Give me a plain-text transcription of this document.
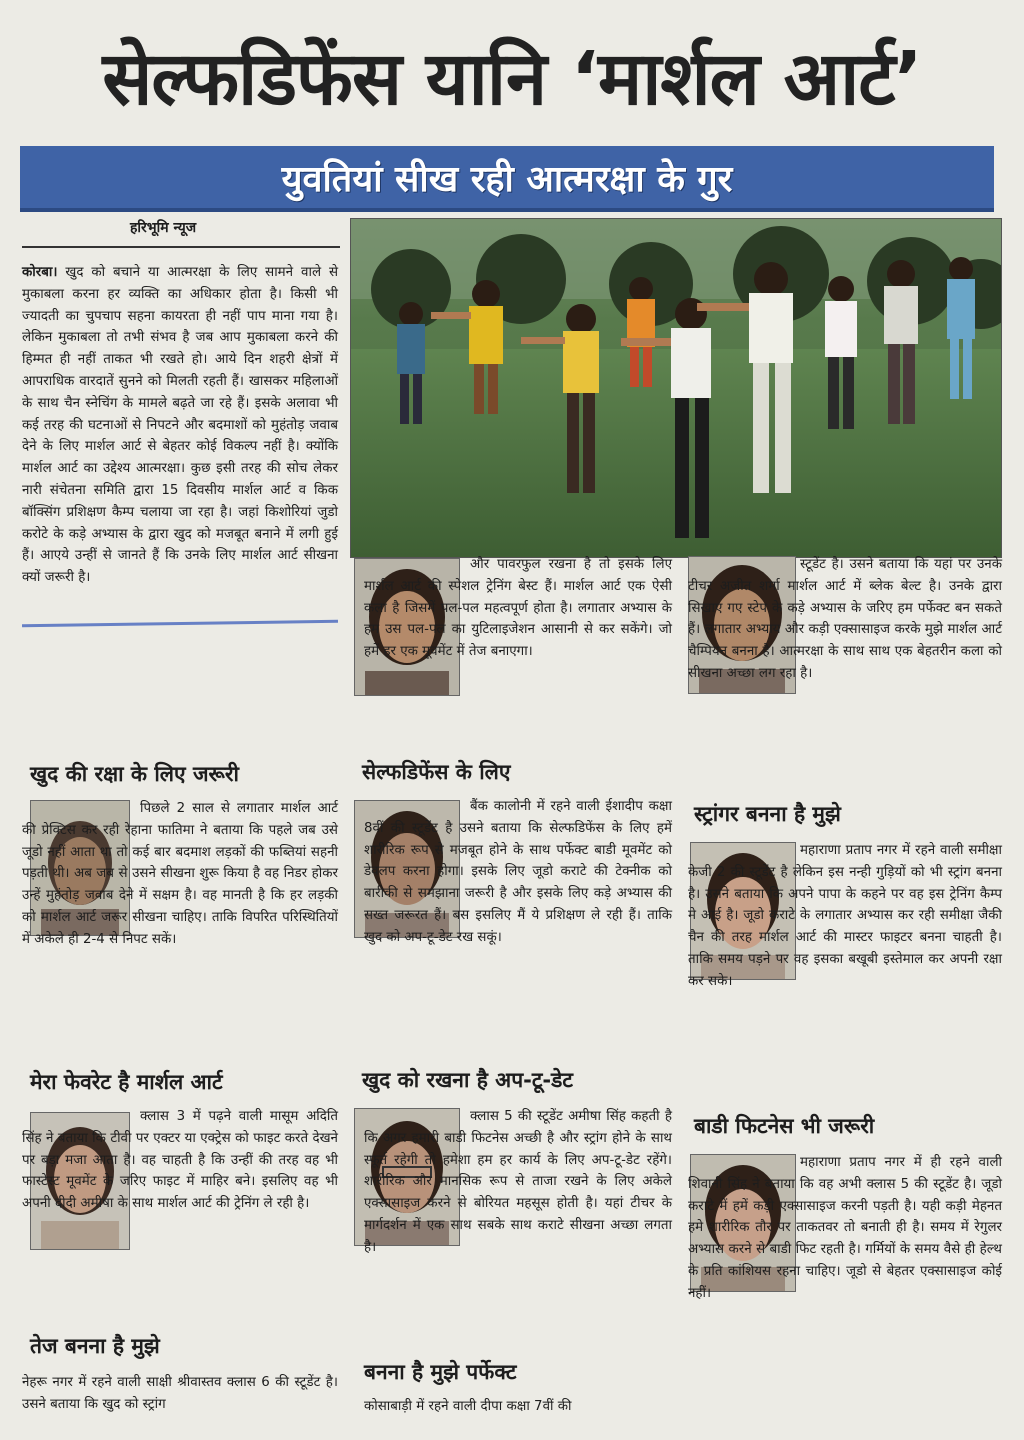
सेल्फडिफेंस यानि ‘मार्शल आर्ट’
युवतियां सीख रही आत्मरक्षा के गुर
हरिभूमि न्यूज

कोरबा। खुद को बचाने या आत्मरक्षा के लिए सामने वाले से मुकाबला करना हर व्यक्ति का अधिकार होता है। किसी भी ज्यादती का चुपचाप सहना कायरता ही नहीं पाप माना गया है। लेकिन मुकाबला तो तभी संभव है जब आप मुकाबला करने की हिम्मत ही नहीं ताकत भी रखते हो। आये दिन शहरी क्षेत्रों में आपराधिक वारदातें सुनने को मिलती रहती हैं। खासकर महिलाओं के साथ चैन स्नेचिंग के मामले बढ़ते जा रहे हैं। इसके अलावा भी कई तरह की घटनाओं से निपटने और बदमाशों को मुहंतोड़ जवाब देने के लिए मार्शल आर्ट से बेहतर कोई विकल्प नहीं है। क्योंकि मार्शल आर्ट का उद्देश्य आत्मरक्षा। कुछ इसी तरह की सोच लेकर नारी संचेतना समिति द्वारा 15 दिवसीय मार्शल आर्ट व किक बॉक्सिंग प्रशिक्षण कैम्प चलाया जा रहा है। जहां किशोरियां जुडो करोटे के कड़े अभ्यास के द्वारा खुद को मजबूत बनाने में लगी हुई हैं। आएये उन्हीं से जानते हैं कि उनके लिए मार्शल आर्ट सीखना क्यों जरूरी है।

खुद की रक्षा के लिए जरूरी

पिछले 2 साल से लगातार मार्शल आर्ट की प्रेक्टिस कर रही रेहाना फातिमा ने बताया कि पहले जब उसे जूडो नहीं आता था तो कई बार बदमाश लड़कों की फब्तियां सहनी पड़ती थी। अब जब से उसने सीखना शुरू किया है वह निडर होकर उन्हें मुहंतोड़ जवाब देने में सक्षम है। वह मानती है कि हर लड़की को मार्शल आर्ट जरूर सीखना चाहिए। ताकि विपरित परिस्थितियों में अकेले ही 2-4 से निपट सकें।

मेरा फेवरेट है मार्शल आर्ट

क्लास 3 में पढ़ने वाली मासूम अदिति सिंह ने बताया कि टीवी पर एक्टर या एक्ट्रेस को फाइट करते देखने पर बड़ा मजा आता है। वह चाहती है कि उन्हीं की तरह वह भी फास्टेस्ट मूवमेंट के जरिए फाइट में माहिर बने। इसलिए वह भी अपनी दीदी अमीषा के साथ मार्शल आर्ट की ट्रेनिंग ले रही है।

तेज बनना है मुझे

नेहरू नगर में रहने वाली साक्षी श्रीवास्तव क्लास 6 की स्टूडेंट है। उसने बताया कि खुद को स्ट्रांग

और पावरफुल रखना है तो इसके लिए मार्शल आर्ट की स्पेशल ट्रेनिंग बेस्ट हैं। मार्शल आर्ट एक ऐसी कला है जिसमें पल-पल महत्वपूर्ण होता है। लगातार अभ्यास के हम उस पल-पल का युटिलाइजेशन आसानी से कर सकेंगे। जो हमें हर एक मूवमेंट में तेज बनाएगा।

सेल्फडिफेंस के लिए

बैंक कालोनी में रहने वाली ईशादीप कक्षा 8वीं की स्टूडेंट है उसने बताया कि सेल्फडिफेंस के लिए हमें शारीरिक रूप से मजबूत होने के साथ पर्फेक्ट बाडी मूवमेंट को डेवलप करना होगा। इसके लिए जूडो कराटे की टेक्नीक को बारीकी से समझाना जरूरी है और इसके लिए कड़े अभ्यास की सख्त जरूरत हैं। बस इसलिए मैं ये प्रशिक्षण ले रही हैं। ताकि खुद को अप-टू-डेट रख सकूं।

खुद को रखना है अप-टू-डेट

क्लास 5 की स्टूडेंट अमीषा सिंह कहती है कि अगर हमारी बाडी फिटनेस अच्छी है और स्ट्रांग होने के साथ स्फूर्त रहेगी तो हमेशा हम हर कार्य के लिए अप-टू-डेट रहेंगे। शारीरिक और मानसिक रूप से ताजा रखने के लिए अकेले एक्सासाइज करने से बोरियत महसूस होती है। यहां टीचर के मार्गदर्शन में एक साथ सबके साथ कराटे सीखना अच्छा लगता है।

बनना है मुझे पर्फेक्ट

कोसाबाड़ी में रहने वाली दीपा कक्षा 7वीं की

स्टूडेंट है। उसने बताया कि यहां पर उनके टीचर अजीत शर्मा मार्शल आर्ट में ब्लेक बेल्ट है। उनके द्वारा सिखाए गए स्टेप के कड़े अभ्यास के जरिए हम पर्फेक्ट बन सकते हैं। लगातार अभ्याय और कड़ी एक्सासाइज करके मुझे मार्शल आर्ट चैम्पियन बनना है। आत्मरक्षा के साथ साथ एक बेहतरीन कला को सीखना अच्छा लग रहा है।

स्ट्रांगर बनना है मुझे

महाराणा प्रताप नगर में रहने वाली समीक्षा केजी 2 की स्टूडेंट है लेकिन इस नन्ही गुड़ियों को भी स्ट्रांग बनना है। उसने बताया कि अपने पापा के कहने पर वह इस ट्रेनिंग कैम्प मे आई है। जूडो कराटे के लगातार अभ्यास कर रही समीक्षा जैकी चैन की तरह मार्शल आर्ट की मास्टर फाइटर बनना चाहती है। ताकि समय पड़ने पर वह इसका बखूबी इस्तेमाल कर अपनी रक्षा कर सके।

बाडी फिटनेस भी जरूरी

महाराणा प्रताप नगर में ही रहने वाली शिवानी सिंह ने बताया कि वह अभी क्लास 5 की स्टूडेंट है। जूडो कराटे में हमें कड़ी एक्सासाइज करनी पड़ती है। यही कड़ी मेहनत हमे शारीरिक तौर पर ताकतवर तो बनाती ही है। समय में रेगुलर अभ्यास करने से बाडी फिट रहती है। गर्मियों के समय वैसे ही हेल्थ के प्रति कांशियस रहना चाहिए। जूडो से बेहतर एक्सासाइज कोई नहीं।
